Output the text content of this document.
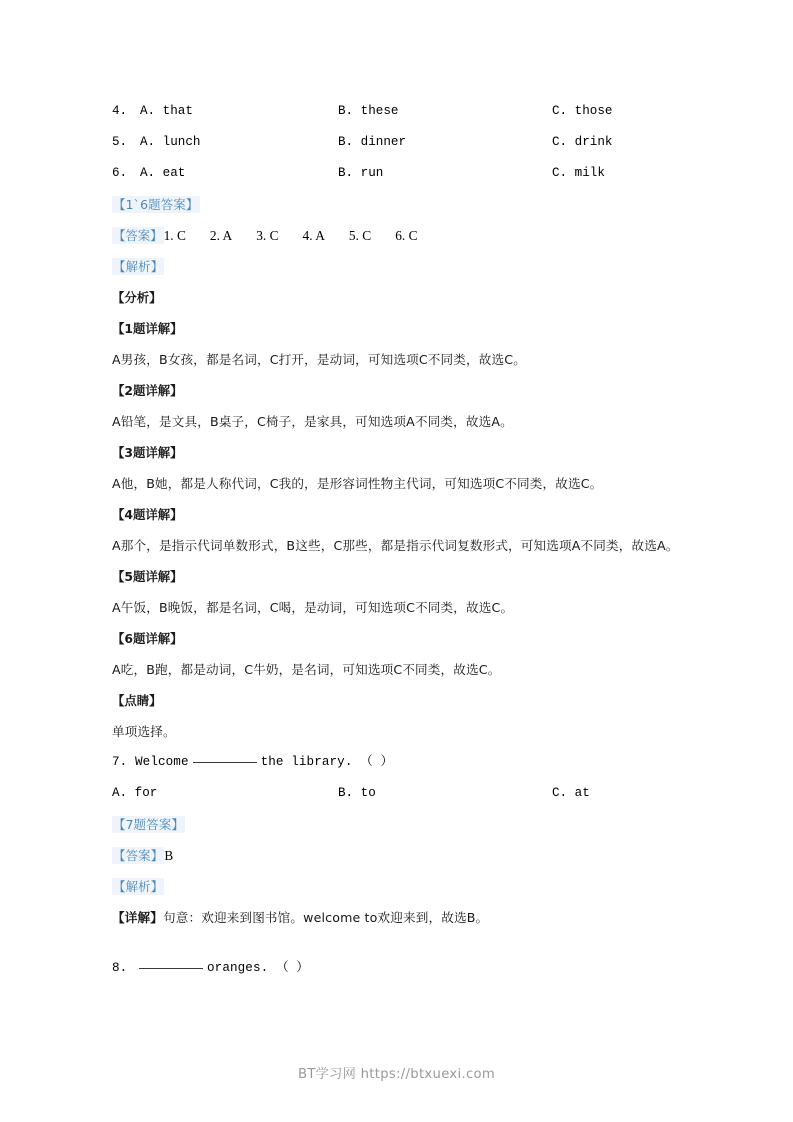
4. A. that	B. these	C. those
5. A. lunch	B. dinner	C. drink
6. A. eat	B. run	C. milk
【1`6题答案】
【答案】1. C 2. A 3. C 4. A 5. C 6. C
【解析】
【分析】
【1题详解】
A男孩，B女孩，都是名词，C打开，是动词，可知选项C不同类，故选C。
【2题详解】
A铅笔，是文具，B桌子，C椅子，是家具，可知选项A不同类，故选A。
【3题详解】
A他，B她，都是人称代词，C我的，是形容词性物主代词，可知选项C不同类，故选C。
【4题详解】
A那个，是指示代词单数形式，B这些，C那些，都是指示代词复数形式，可知选项A不同类，故选A。
【5题详解】
A午饭，B晚饭，都是名词，C喝，是动词，可知选项C不同类，故选C。
【6题详解】
A吃，B跑，都是动词，C牛奶，是名词，可知选项C不同类，故选C。
【点睛】
单项选择。
7. Welcome	the library. （ ）
A. for	B. to	C. at
【7题答案】
【答案】B
【解析】
【详解】句意：欢迎来到图书馆。welcome to欢迎来到，故选B。
8.	oranges. （ ）
BT学习网 https://btxuexi.com
